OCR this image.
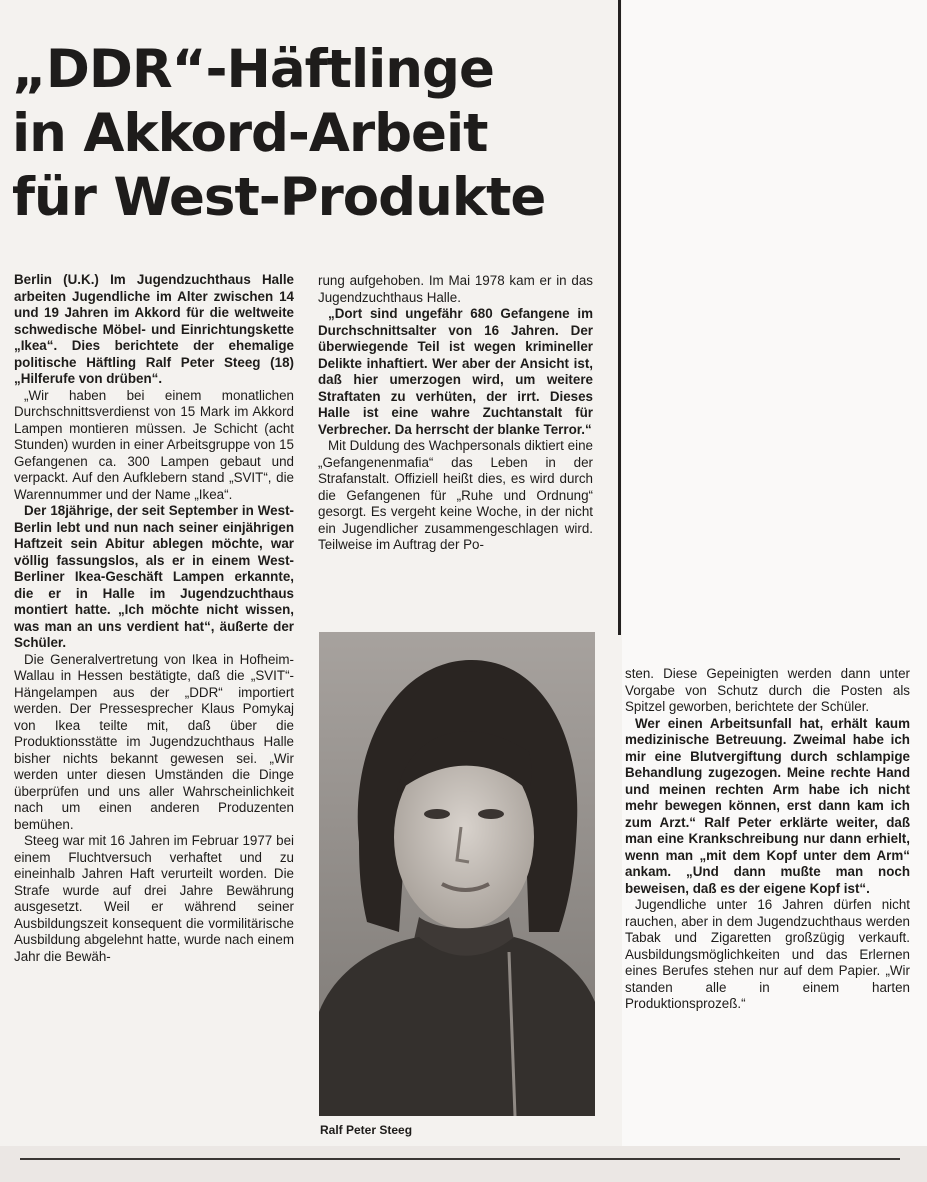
„DDR“-Häftlinge
in Akkord-Arbeit
für West-Produkte

Berlin (U.K.) Im Jugendzuchthaus Halle arbeiten Jugendliche im Alter zwischen 14 und 19 Jahren im Akkord für die weltweite schwedische Möbel- und Einrichtungskette „Ikea“. Dies berichtete der ehemalige politische Häftling Ralf Peter Steeg (18) „Hilferufe von drüben“.

„Wir haben bei einem monatlichen Durchschnittsverdienst von 15 Mark im Akkord Lampen montieren müssen. Je Schicht (acht Stunden) wurden in einer Arbeitsgruppe von 15 Gefangenen ca. 300 Lampen gebaut und verpackt. Auf den Aufklebern stand „SVIT“, die Warennummer und der Name „Ikea“.

Der 18jährige, der seit September in West-Berlin lebt und nun nach seiner einjährigen Haftzeit sein Abitur ablegen möchte, war völlig fassungslos, als er in einem West-Berliner Ikea-Geschäft Lampen erkannte, die er in Halle im Jugendzuchthaus montiert hatte. „Ich möchte nicht wissen, was man an uns verdient hat“, äußerte der Schüler.

Die Generalvertretung von Ikea in Hofheim-Wallau in Hessen bestätigte, daß die „SVIT“-Hängelampen aus der „DDR“ importiert werden. Der Pressesprecher Klaus Pomykaj von Ikea teilte mit, daß über die Produktionsstätte im Jugendzuchthaus Halle bisher nichts bekannt gewesen sei. „Wir werden unter diesen Umständen die Dinge überprüfen und uns aller Wahrscheinlichkeit nach um einen anderen Produzenten bemühen.

Steeg war mit 16 Jahren im Februar 1977 bei einem Fluchtversuch verhaftet und zu eineinhalb Jahren Haft verurteilt worden. Die Strafe wurde auf drei Jahre Bewährung ausgesetzt. Weil er während seiner Ausbildungszeit konsequent die vormilitärische Ausbildung abgelehnt hatte, wurde nach einem Jahr die Bewäh-

rung aufgehoben. Im Mai 1978 kam er in das Jugendzuchthaus Halle.

„Dort sind ungefähr 680 Gefangene im Durchschnittsalter von 16 Jahren. Der überwiegende Teil ist wegen krimineller Delikte inhaftiert. Wer aber der Ansicht ist, daß hier umerzogen wird, um weitere Straftaten zu verhüten, der irrt. Dieses Halle ist eine wahre Zuchtanstalt für Verbrecher. Da herrscht der blanke Terror.“

Mit Duldung des Wachpersonals diktiert eine „Gefangenenmafia“ das Leben in der Strafanstalt. Offiziell heißt dies, es wird durch die Gefangenen für „Ruhe und Ordnung“ gesorgt. Es vergeht keine Woche, in der nicht ein Jugendlicher zusammengeschlagen wird. Teilweise im Auftrag der Po-

Ralf Peter Steeg

sten. Diese Gepeinigten werden dann unter Vorgabe von Schutz durch die Posten als Spitzel geworben, berichtete der Schüler.

Wer einen Arbeitsunfall hat, erhält kaum medizinische Betreuung. Zweimal habe ich mir eine Blutvergiftung durch schlampige Behandlung zugezogen. Meine rechte Hand und meinen rechten Arm habe ich nicht mehr bewegen können, erst dann kam ich zum Arzt.“ Ralf Peter erklärte weiter, daß man eine Krankschreibung nur dann erhielt, wenn man „mit dem Kopf unter dem Arm“ ankam. „Und dann mußte man noch beweisen, daß es der eigene Kopf ist“.

Jugendliche unter 16 Jahren dürfen nicht rauchen, aber in dem Jugendzuchthaus werden Tabak und Zigaretten großzügig verkauft. Ausbildungsmöglichkeiten und das Erlernen eines Berufes stehen nur auf dem Papier. „Wir standen alle in einem harten Produktionsprozeß.“
